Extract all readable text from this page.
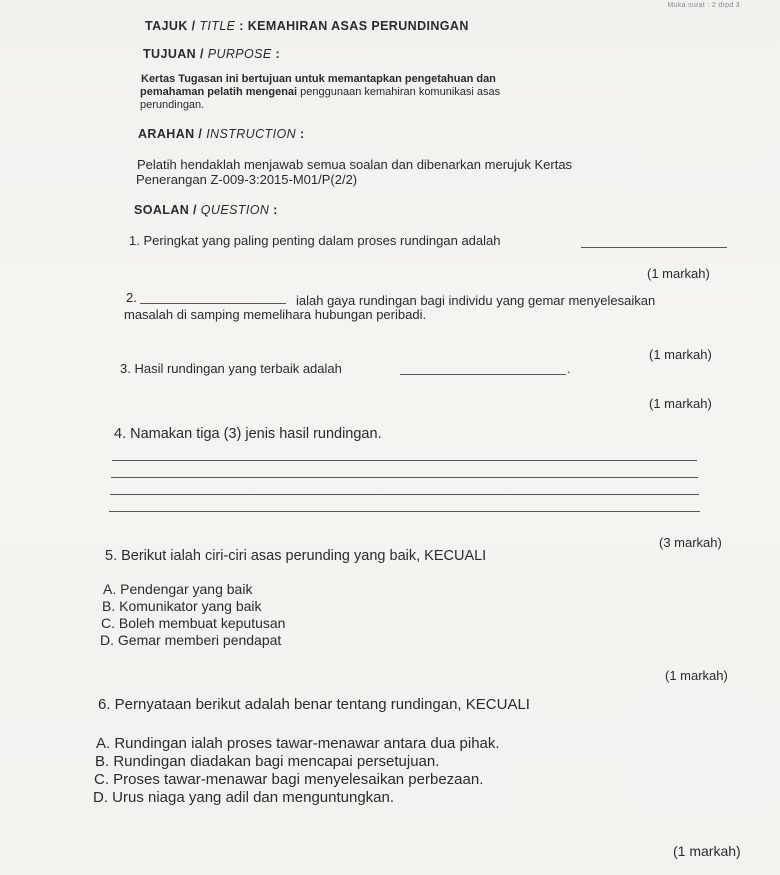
Muka surat : 2 drpd 3
TAJUK / TITLE : KEMAHIRAN ASAS PERUNDINGAN
TUJUAN / PURPOSE :
Kertas Tugasan ini bertujuan untuk memantapkan pengetahuan dan
pemahaman pelatih mengenai penggunaan kemahiran komunikasi asas
perundingan.
ARAHAN / INSTRUCTION :
Pelatih hendaklah menjawab semua soalan dan dibenarkan merujuk Kertas
Penerangan Z-009-3:2015-M01/P(2/2)
SOALAN / QUESTION :
1. Peringkat yang paling penting dalam proses rundingan adalah
(1 markah)
2.	ialah gaya rundingan bagi individu yang gemar menyelesaikan
masalah di samping memelihara hubungan peribadi.
(1 markah)
3. Hasil rundingan yang terbaik adalah	.
(1 markah)
4. Namakan tiga (3) jenis hasil rundingan.
(3 markah)
5. Berikut ialah ciri-ciri asas perunding yang baik, KECUALI
A. Pendengar yang baik
B. Komunikator yang baik
C. Boleh membuat keputusan
D. Gemar memberi pendapat
(1 markah)
6. Pernyataan berikut adalah benar tentang rundingan, KECUALI
A. Rundingan ialah proses tawar-menawar antara dua pihak.
B. Rundingan diadakan bagi mencapai persetujuan.
C. Proses tawar-menawar bagi menyelesaikan perbezaan.
D. Urus niaga yang adil dan menguntungkan.
(1 markah)
